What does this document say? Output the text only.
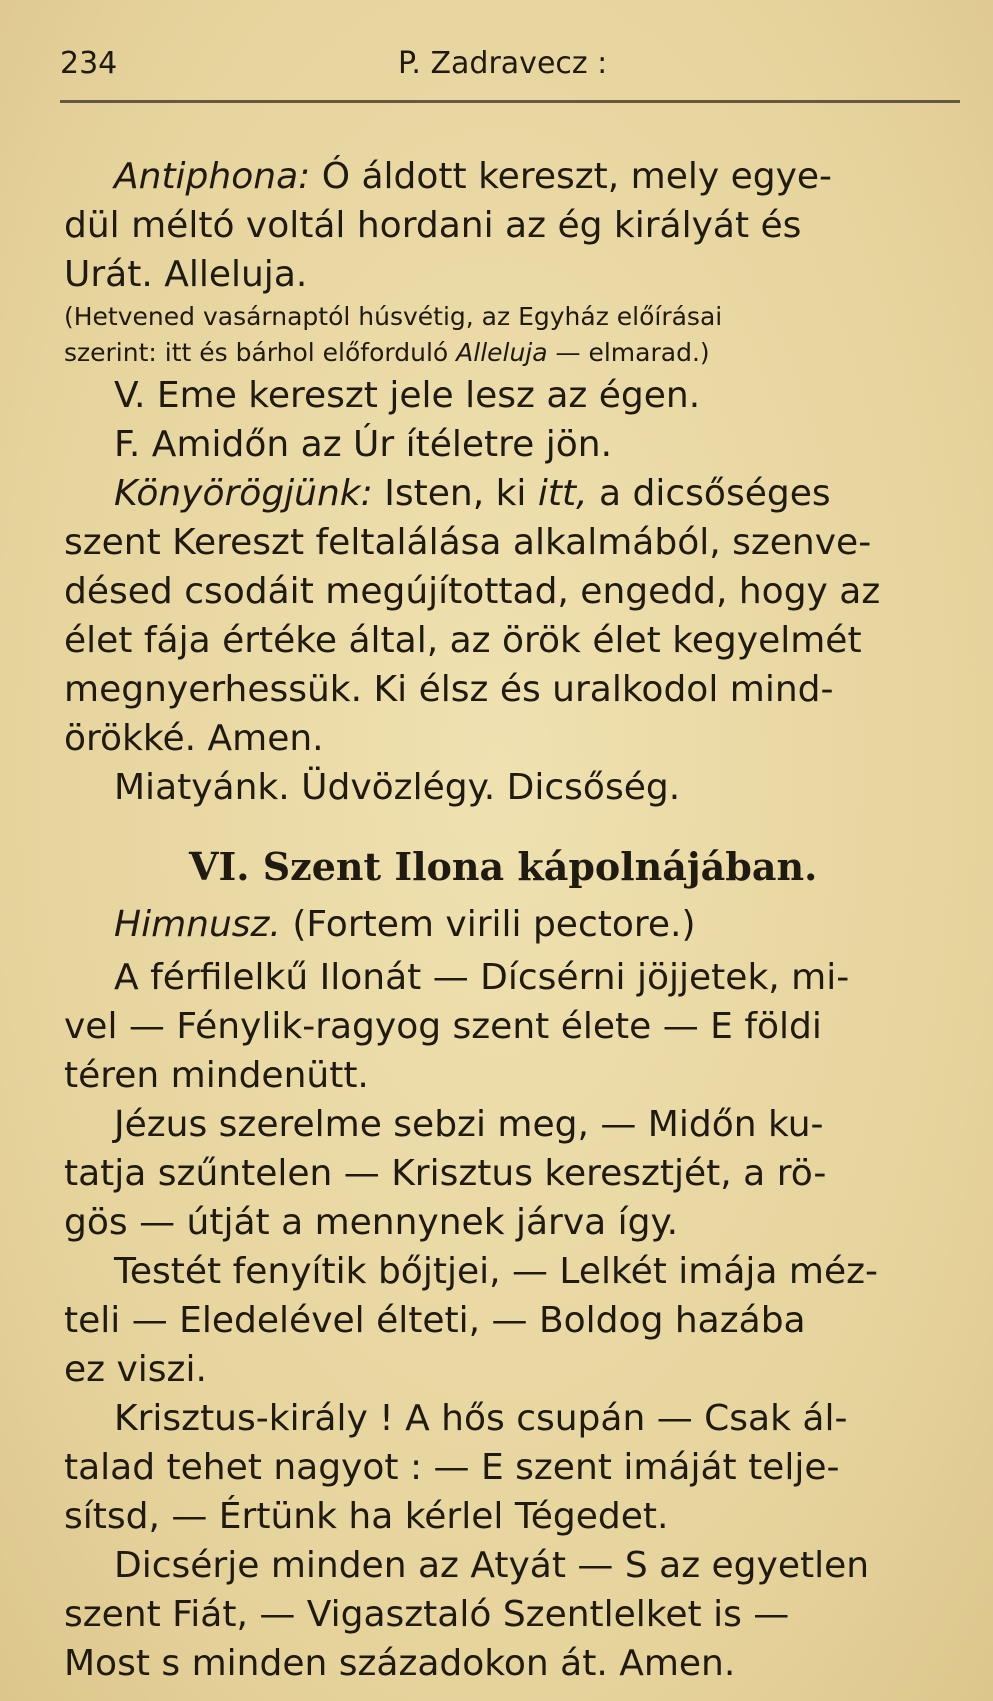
234	P. Zadravecz :
Antiphona: Ó áldott kereszt, mely egye-
dül méltó voltál hordani az ég királyát és
Urát. Alleluja.
(Hetvened vasárnaptól húsvétig, az Egyház előírásai
szerint: itt és bárhol előforduló Alleluja — elmarad.)
V. Eme kereszt jele lesz az égen.
F. Amidőn az Úr ítéletre jön.
Könyörögjünk: Isten, ki itt, a dicsőséges
szent Kereszt feltalálása alkalmából, szenve-
désed csodáit megújítottad, engedd, hogy az
élet fája értéke által, az örök élet kegyelmét
megnyerhessük. Ki élsz és uralkodol mind-
örökké. Amen.
Miatyánk. Üdvözlégy. Dicsőség.
VI. Szent Ilona kápolnájában.
Himnusz. (Fortem virili pectore.)
A férfilelkű Ilonát — Dícsérni jöjjetek, mi-
vel — Fénylik-ragyog szent élete — E földi
téren mindenütt.
Jézus szerelme sebzi meg, — Midőn ku-
tatja szűntelen — Krisztus keresztjét, a rö-
gös — útját a mennynek járva így.
Testét fenyítik bőjtjei, — Lelkét imája méz-
teli — Eledelével élteti, — Boldog hazába
ez viszi.
Krisztus-király ! A hős csupán — Csak ál-
talad tehet nagyot : — E szent imáját telje-
sítsd, — Értünk ha kérlel Tégedet.
Dicsérje minden az Atyát — S az egyetlen
szent Fiát, — Vigasztaló Szentlelket is —
Most s minden századokon át. Amen.
